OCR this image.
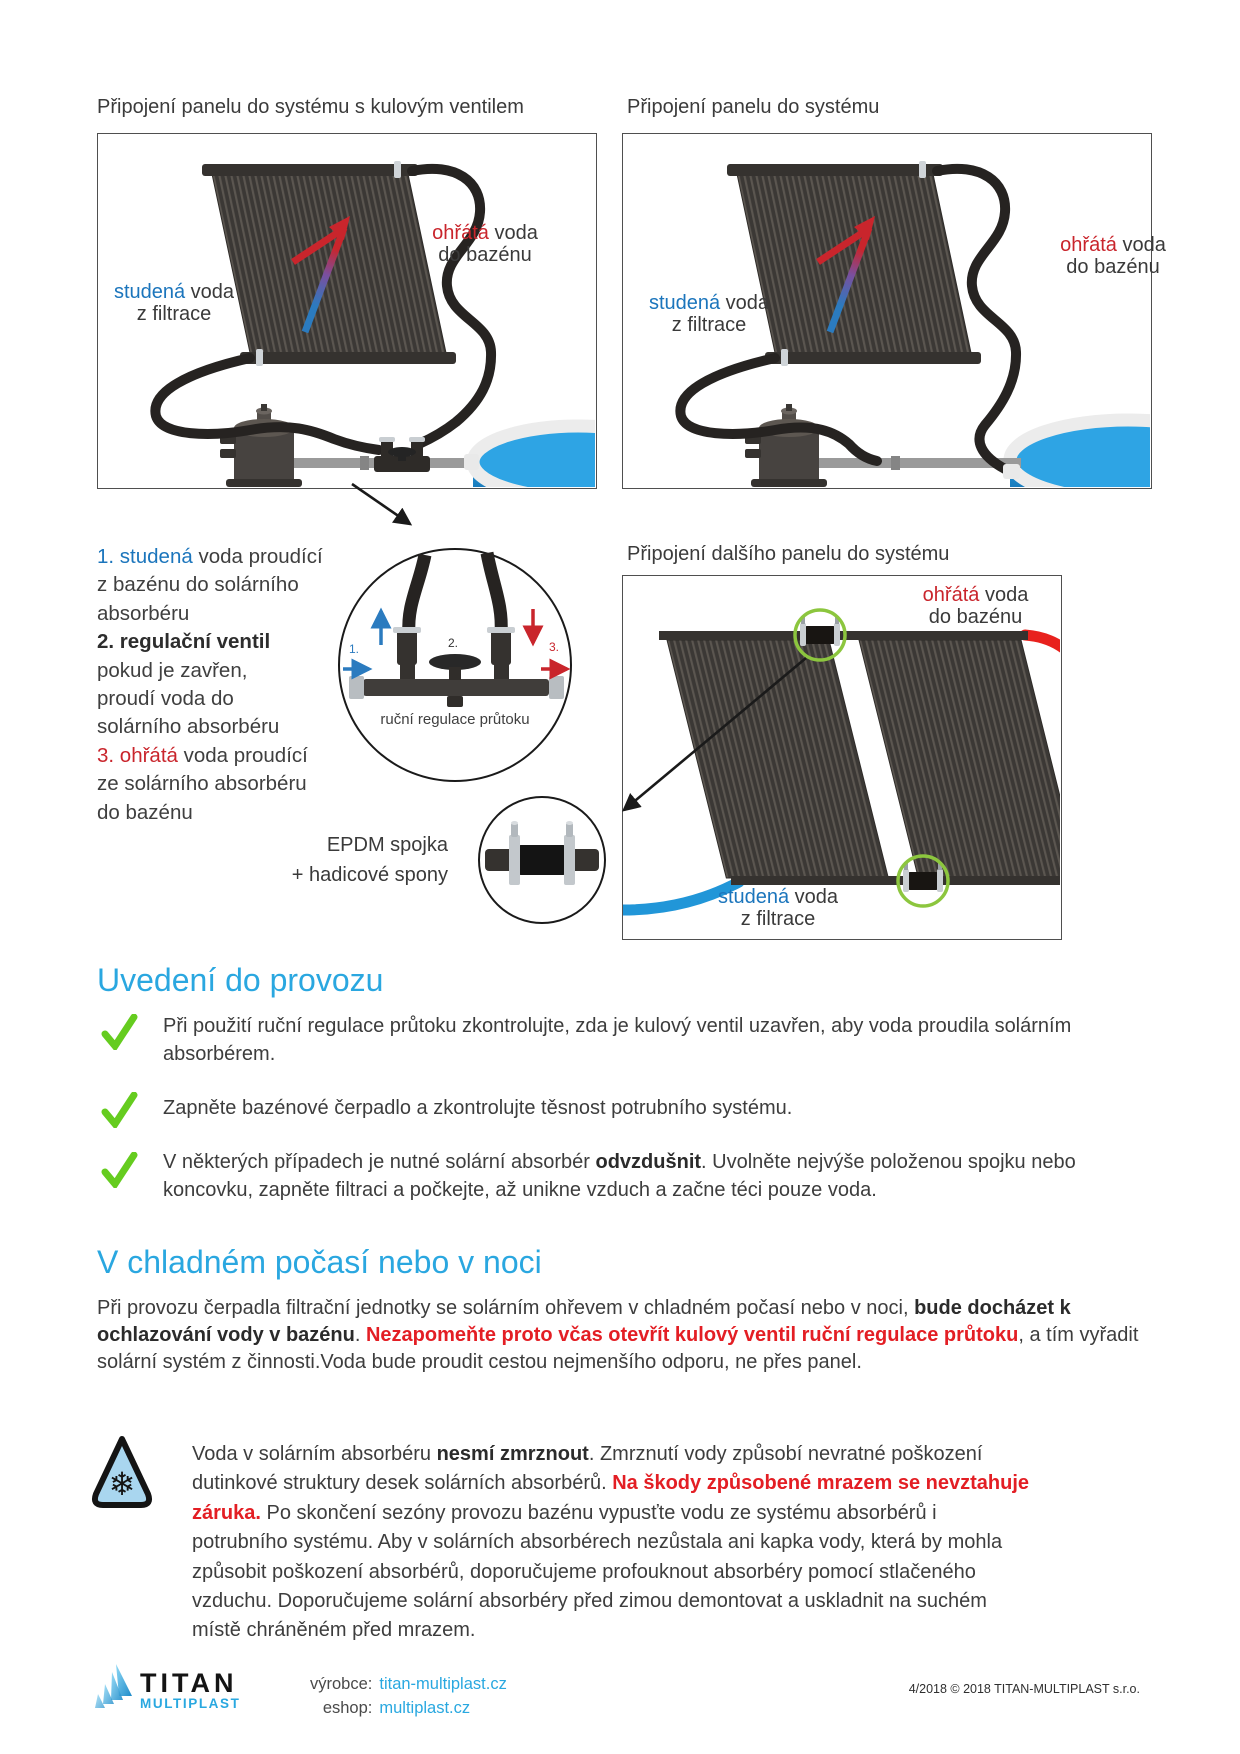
Připojení panelu do systému s kulovým ventilem	Připojení panelu do systému
ohřátá voda
do bazénu
studená voda
z filtrace
ohřátá voda
do bazénu
studená voda
z filtrace
1. studená voda proudící
z bazénu do solárního
absorbéru
2. regulační ventil
pokud je zavřen,
proudí voda do
solárního absorbéru
3. ohřátá voda proudící
ze solárního absorbéru
do bazénu
1.	2.	3.
ruční regulace průtoku
Připojení dalšího panelu do systému
ohřátá voda
do bazénu
studená voda
z filtrace
EPDM spojka
+ hadicové spony
Uvedení do provozu
Při použití ruční regulace průtoku zkontrolujte, zda je kulový ventil uzavřen, aby voda proudila solárním absorbérem.
Zapněte bazénové čerpadlo a zkontrolujte těsnost potrubního systému.
V některých případech je nutné solární absorbér odvzdušnit. Uvolněte nejvýše položenou spojku nebo koncovku, zapněte filtraci a počkejte, až unikne vzduch a začne téci pouze voda.
V chladném počasí nebo v noci
Při provozu čerpadla filtrační jednotky se solárním ohřevem v chladném počasí nebo v noci, bude docházet k ochlazování vody v bazénu. Nezapomeňte proto včas otevřít kulový ventil ruční regulace průtoku, a tím vyřadit solární systém z činnosti.Voda bude proudit cestou nejmenšího odporu, ne přes panel.
❄
Voda v solárním absorbéru nesmí zmrznout. Zmrznutí vody způsobí nevratné poškození dutinkové struktury desek solárních absorbérů. Na škody způsobené mrazem se nevztahuje záruka. Po skončení sezóny provozu bazénu vypusťte vodu ze systému absorbérů i potrubního systému. Aby v solárních absorbérech nezůstala ani kapka vody, která by mohla způsobit poškození absorbérů, doporučujeme profouknout absorbéry pomocí stlačeného vzduchu. Doporučujeme solární absorbéry před zimou demontovat a uskladnit na suchém místě chráněném před mrazem.
TITAN
MULTIPLAST
výrobce: titan-multiplast.cz
eshop: multiplast.cz
4/2018 © 2018 TITAN-MULTIPLAST s.r.o.
